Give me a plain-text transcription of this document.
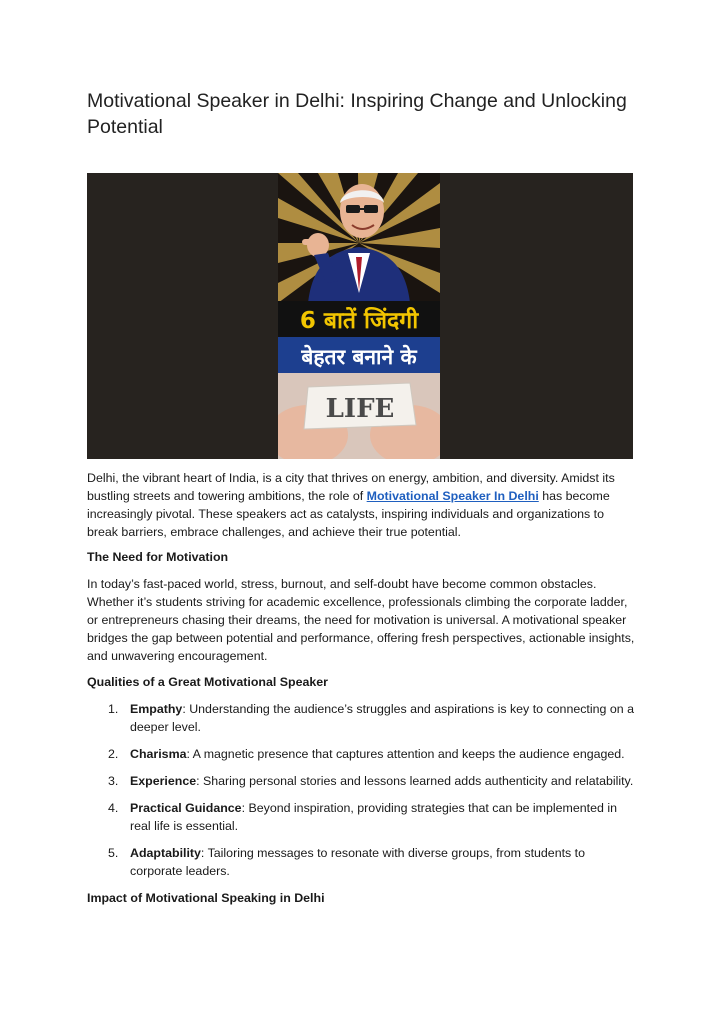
Motivational Speaker in Delhi: Inspiring Change and Unlocking Potential
6 बातें जिंदगी
बेहतर बनाने के
LIFE

Delhi, the vibrant heart of India, is a city that thrives on energy, ambition, and diversity. Amidst its bustling streets and towering ambitions, the role of Motivational Speaker In Delhi has become increasingly pivotal. These speakers act as catalysts, inspiring individuals and organizations to break barriers, embrace challenges, and achieve their true potential.

The Need for Motivation

In today’s fast-paced world, stress, burnout, and self-doubt have become common obstacles. Whether it’s students striving for academic excellence, professionals climbing the corporate ladder, or entrepreneurs chasing their dreams, the need for motivation is universal. A motivational speaker bridges the gap between potential and performance, offering fresh perspectives, actionable insights, and unwavering encouragement.

Qualities of a Great Motivational Speaker

1. Empathy: Understanding the audience’s struggles and aspirations is key to connecting on a deeper level.
2. Charisma: A magnetic presence that captures attention and keeps the audience engaged.
3. Experience: Sharing personal stories and lessons learned adds authenticity and relatability.
4. Practical Guidance: Beyond inspiration, providing strategies that can be implemented in real life is essential.
5. Adaptability: Tailoring messages to resonate with diverse groups, from students to corporate leaders.

Impact of Motivational Speaking in Delhi
